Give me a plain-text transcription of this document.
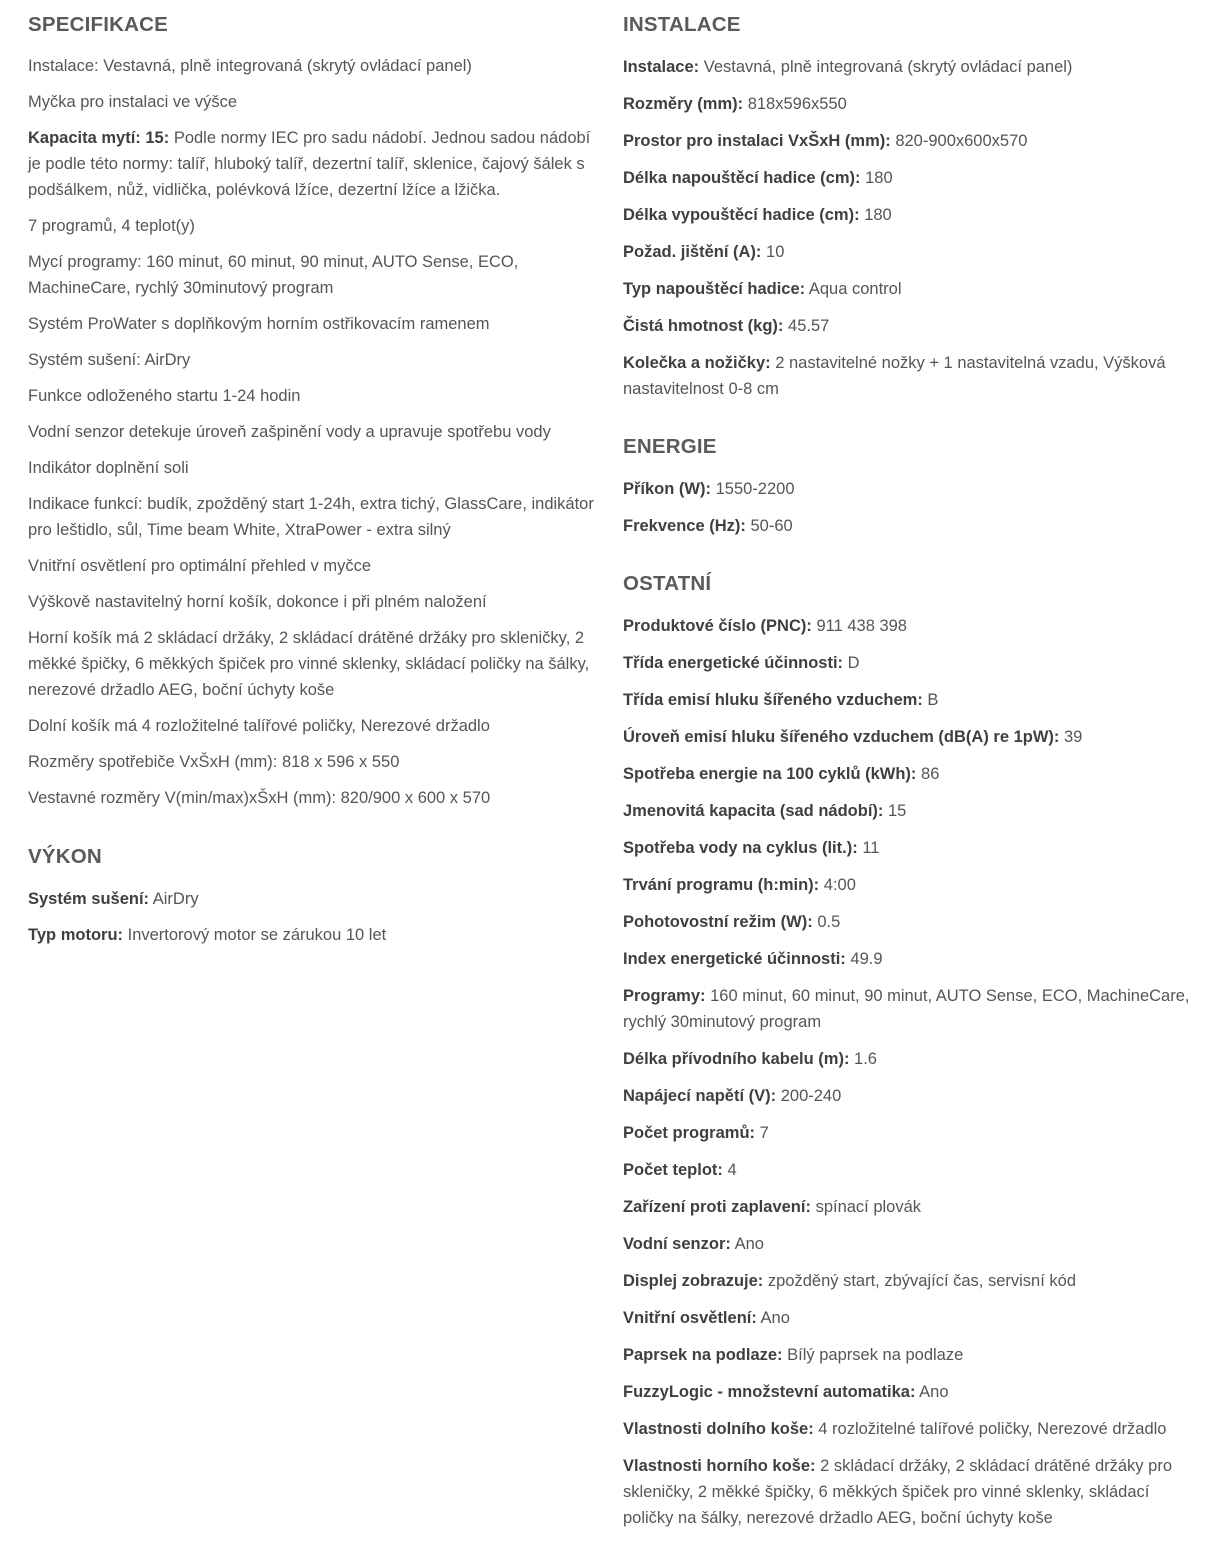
SPECIFIKACE
Instalace: Vestavná, plně integrovaná (skrytý ovládací panel)
Myčka pro instalaci ve výšce
Kapacita mytí: 15: Podle normy IEC pro sadu nádobí. Jednou sadou nádobí je podle této normy: talíř, hluboký talíř, dezertní talíř, sklenice, čajový šálek s podšálkem, nůž, vidlička, polévková lžíce, dezertní lžíce a lžička.
7 programů, 4 teplot(y)
Mycí programy: 160 minut, 60 minut, 90 minut, AUTO Sense, ECO, MachineCare, rychlý 30minutový program
Systém ProWater s doplňkovým horním ostřikovacím ramenem
Systém sušení: AirDry
Funkce odloženého startu 1-24 hodin
Vodní senzor detekuje úroveň zašpinění vody a upravuje spotřebu vody
Indikátor doplnění soli
Indikace funkcí: budík, zpožděný start 1-24h, extra tichý, GlassCare, indikátor pro leštidlo, sůl, Time beam White, XtraPower - extra silný
Vnitřní osvětlení pro optimální přehled v myčce
Výškově nastavitelný horní košík, dokonce i při plném naložení
Horní košík má 2 skládací držáky, 2 skládací drátěné držáky pro skleničky, 2 měkké špičky, 6 měkkých špiček pro vinné sklenky, skládací poličky na šálky, nerezové držadlo AEG, boční úchyty koše
Dolní košík má 4 rozložitelné talířové poličky, Nerezové držadlo
Rozměry spotřebiče VxŠxH (mm): 818 x 596 x 550
Vestavné rozměry V(min/max)xŠxH (mm): 820/900 x 600 x 570
VÝKON
Systém sušení: AirDry
Typ motoru: Invertorový motor se zárukou 10 let
INSTALACE
Instalace: Vestavná, plně integrovaná (skrytý ovládací panel)
Rozměry (mm): 818x596x550
Prostor pro instalaci VxŠxH (mm): 820-900x600x570
Délka napouštěcí hadice (cm): 180
Délka vypouštěcí hadice (cm): 180
Požad. jištění (A): 10
Typ napouštěcí hadice: Aqua control
Čistá hmotnost (kg): 45.57
Kolečka a nožičky: 2 nastavitelné nožky + 1 nastavitelná vzadu, Výšková nastavitelnost 0-8 cm
ENERGIE
Příkon (W): 1550-2200
Frekvence (Hz): 50-60
OSTATNÍ
Produktové číslo (PNC): 911 438 398
Třída energetické účinnosti: D
Třída emisí hluku šířeného vzduchem: B
Úroveň emisí hluku šířeného vzduchem (dB(A) re 1pW): 39
Spotřeba energie na 100 cyklů (kWh): 86
Jmenovitá kapacita (sad nádobí): 15
Spotřeba vody na cyklus (lit.): 11
Trvání programu (h:min): 4:00
Pohotovostní režim (W): 0.5
Index energetické účinnosti: 49.9
Programy: 160 minut, 60 minut, 90 minut, AUTO Sense, ECO, MachineCare, rychlý 30minutový program
Délka přívodního kabelu (m): 1.6
Napájecí napětí (V): 200-240
Počet programů: 7
Počet teplot: 4
Zařízení proti zaplavení: spínací plovák
Vodní senzor: Ano
Displej zobrazuje: zpožděný start, zbývající čas, servisní kód
Vnitřní osvětlení: Ano
Paprsek na podlaze: Bílý paprsek na podlaze
FuzzyLogic - množstevní automatika: Ano
Vlastnosti dolního koše: 4 rozložitelné talířové poličky, Nerezové držadlo
Vlastnosti horního koše: 2 skládací držáky, 2 skládací drátěné držáky pro skleničky, 2 měkké špičky, 6 měkkých špiček pro vinné sklenky, skládací poličky na šálky, nerezové držadlo AEG, boční úchyty koše
